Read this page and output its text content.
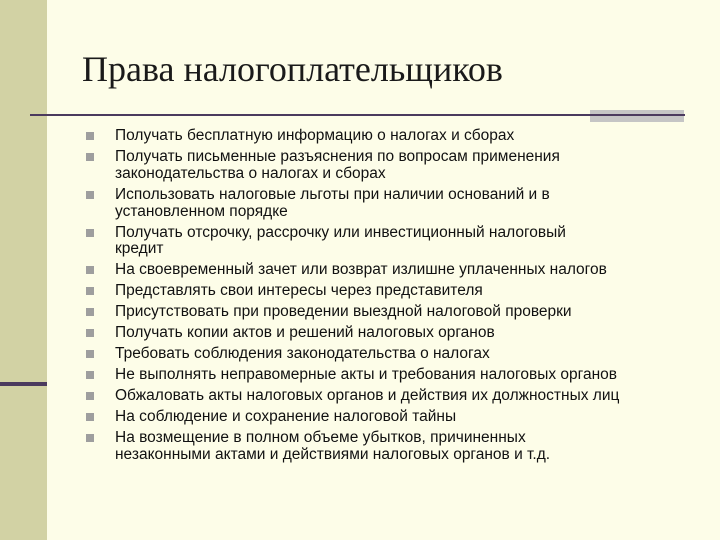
Права налогоплательщиков
Получать бесплатную информацию о налогах и сборах
Получать письменные разъяснения по вопросам применения
законодательства о налогах и сборах
Использовать налоговые льготы при наличии оснований и в
установленном порядке
Получать отсрочку, рассрочку или инвестиционный налоговый
кредит
На своевременный зачет или возврат излишне уплаченных налогов
Представлять свои интересы через представителя
Присутствовать при проведении выездной налоговой проверки
Получать копии актов и решений налоговых органов
Требовать соблюдения законодательства о налогах
Не выполнять неправомерные акты и требования налоговых органов
Обжаловать акты налоговых органов и действия их должностных лиц
На соблюдение и сохранение налоговой тайны
На возмещение в полном объеме убытков, причиненных
незаконными актами и действиями налоговых органов и т.д.
